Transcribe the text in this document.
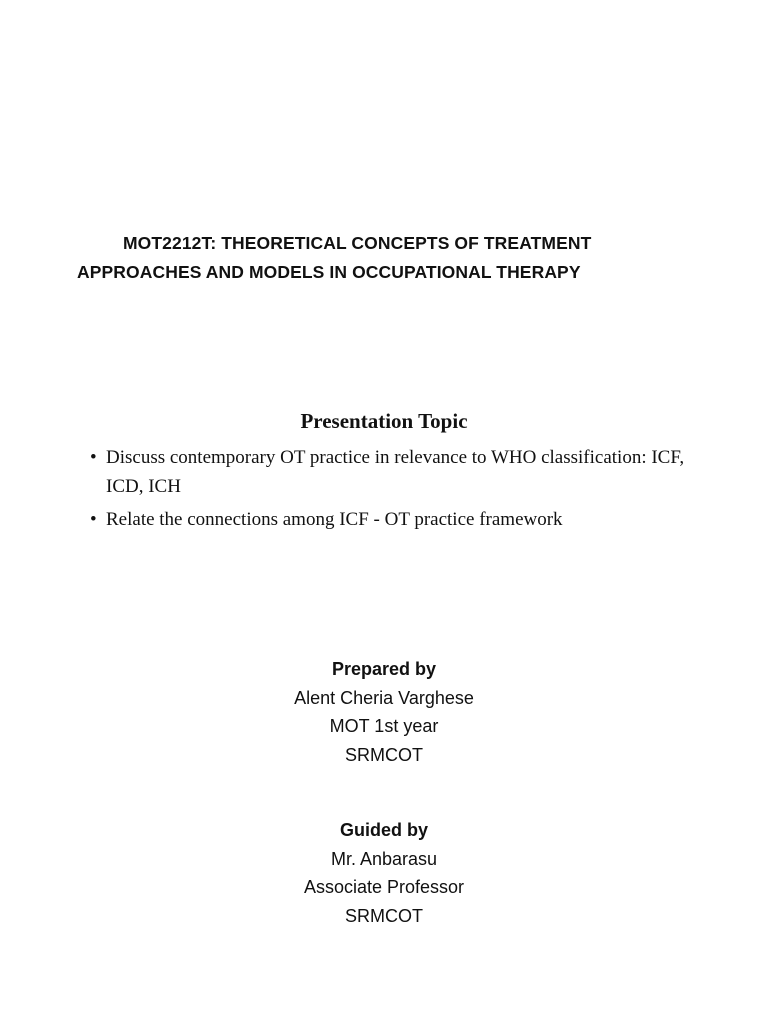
MOT2212T: THEORETICAL CONCEPTS OF TREATMENT
APPROACHES AND MODELS IN OCCUPATIONAL THERAPY
Presentation Topic
• Discuss contemporary OT practice in relevance to WHO classification: ICF, ICD, ICH
• Relate the connections among ICF - OT practice framework
Prepared by
Alent Cheria Varghese
MOT 1st year
SRMCOT
Guided by
Mr. Anbarasu
Associate Professor
SRMCOT
